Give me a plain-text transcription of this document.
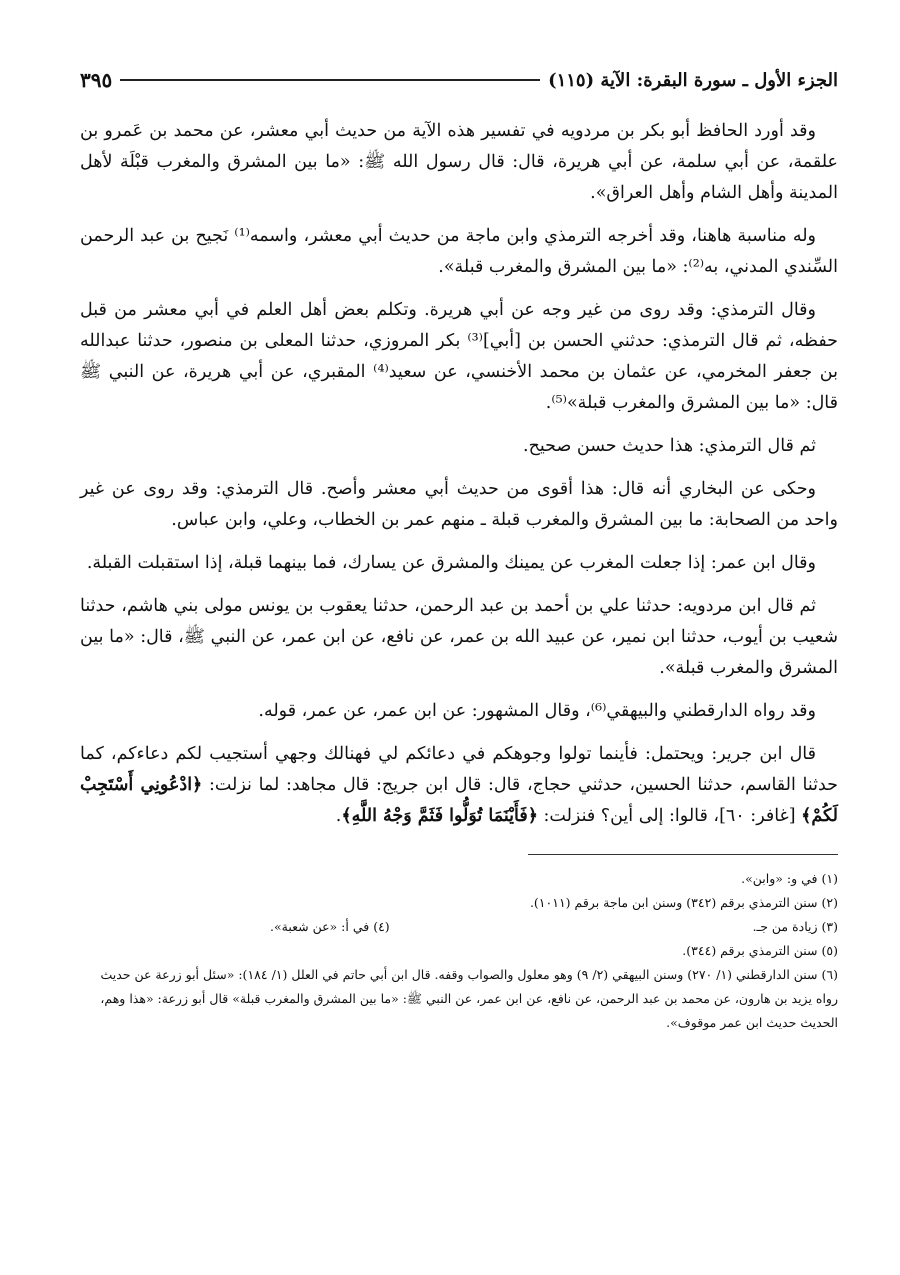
الجزء الأول ـ سورة البقرة: الآية (١١٥)
٣٩٥

وقد أورد الحافظ أبو بكر بن مردويه في تفسير هذه الآية من حديث أبي معشر، عن محمد بن عَمرو بن علقمة، عن أبي سلمة، عن أبي هريرة، قال: قال رسول الله ﷺ: «ما بين المشرق والمغرب قبْلَة لأهل المدينة وأهل الشام وأهل العراق».

وله مناسبة هاهنا، وقد أخرجه الترمذي وابن ماجة من حديث أبي معشر، واسمه⁽¹⁾ نَجيح بن عبد الرحمن السِّندي المدني، به⁽²⁾: «ما بين المشرق والمغرب قبلة».

وقال الترمذي: وقد روى من غير وجه عن أبي هريرة. وتكلم بعض أهل العلم في أبي معشر من قبل حفظه، ثم قال الترمذي: حدثني الحسن بن [أبي]⁽³⁾ بكر المروزي، حدثنا المعلى بن منصور، حدثنا عبدالله بن جعفر المخرمي، عن عثمان بن محمد الأخنسي، عن سعيد⁽⁴⁾ المقبري، عن أبي هريرة، عن النبي ﷺ قال: «ما بين المشرق والمغرب قبلة»⁽⁵⁾.

ثم قال الترمذي: هذا حديث حسن صحيح.

وحكى عن البخاري أنه قال: هذا أقوى من حديث أبي معشر وأصح. قال الترمذي: وقد روى عن غير واحد من الصحابة: ما بين المشرق والمغرب قبلة ـ منهم عمر بن الخطاب، وعلي، وابن عباس.

وقال ابن عمر: إذا جعلت المغرب عن يمينك والمشرق عن يسارك، فما بينهما قبلة، إذا استقبلت القبلة.

ثم قال ابن مردويه: حدثنا علي بن أحمد بن عبد الرحمن، حدثنا يعقوب بن يونس مولى بني هاشم، حدثنا شعيب بن أيوب، حدثنا ابن نمير، عن عبيد الله بن عمر، عن نافع، عن ابن عمر، عن النبي ﷺ، قال: «ما بين المشرق والمغرب قبلة».

وقد رواه الدارقطني والبيهقي⁽⁶⁾، وقال المشهور: عن ابن عمر، عن عمر، قوله.

قال ابن جرير: ويحتمل: فأينما تولوا وجوهكم في دعائكم لي فهنالك وجهي أستجيب لكم دعاءكم، كما حدثنا القاسم، حدثنا الحسين، حدثني حجاج، قال: قال ابن جريج: قال مجاهد: لما نزلت: ﴿ادْعُونِي أَسْتَجِبْ لَكُمْ﴾ [غافر: ٦٠]، قالوا: إلى أين؟ فنزلت: ﴿فَأَيْنَمَا تُوَلُّوا فَثَمَّ وَجْهُ اللَّهِ﴾.

(١) في و: «وابن».

(٢) سنن الترمذي برقم (٣٤٢) وسنن ابن ماجة برقم (١٠١١).

(٣) زيادة من جـ.

(٤) في أ: «عن شعبة».

(٥) سنن الترمذي برقم (٣٤٤).

(٦) سنن الدارقطني (١/ ٢٧٠) وسنن البيهقي (٢/ ٩) وهو معلول والصواب وقفه. قال ابن أبي حاتم في العلل (١/ ١٨٤): «سئل أبو زرعة عن حديث رواه يزيد بن هارون، عن محمد بن عبد الرحمن، عن نافع، عن ابن عمر، عن النبي ﷺ: «ما بين المشرق والمغرب قبلة» قال أبو زرعة: «هذا وهم، الحديث حديث ابن عمر موقوف».
